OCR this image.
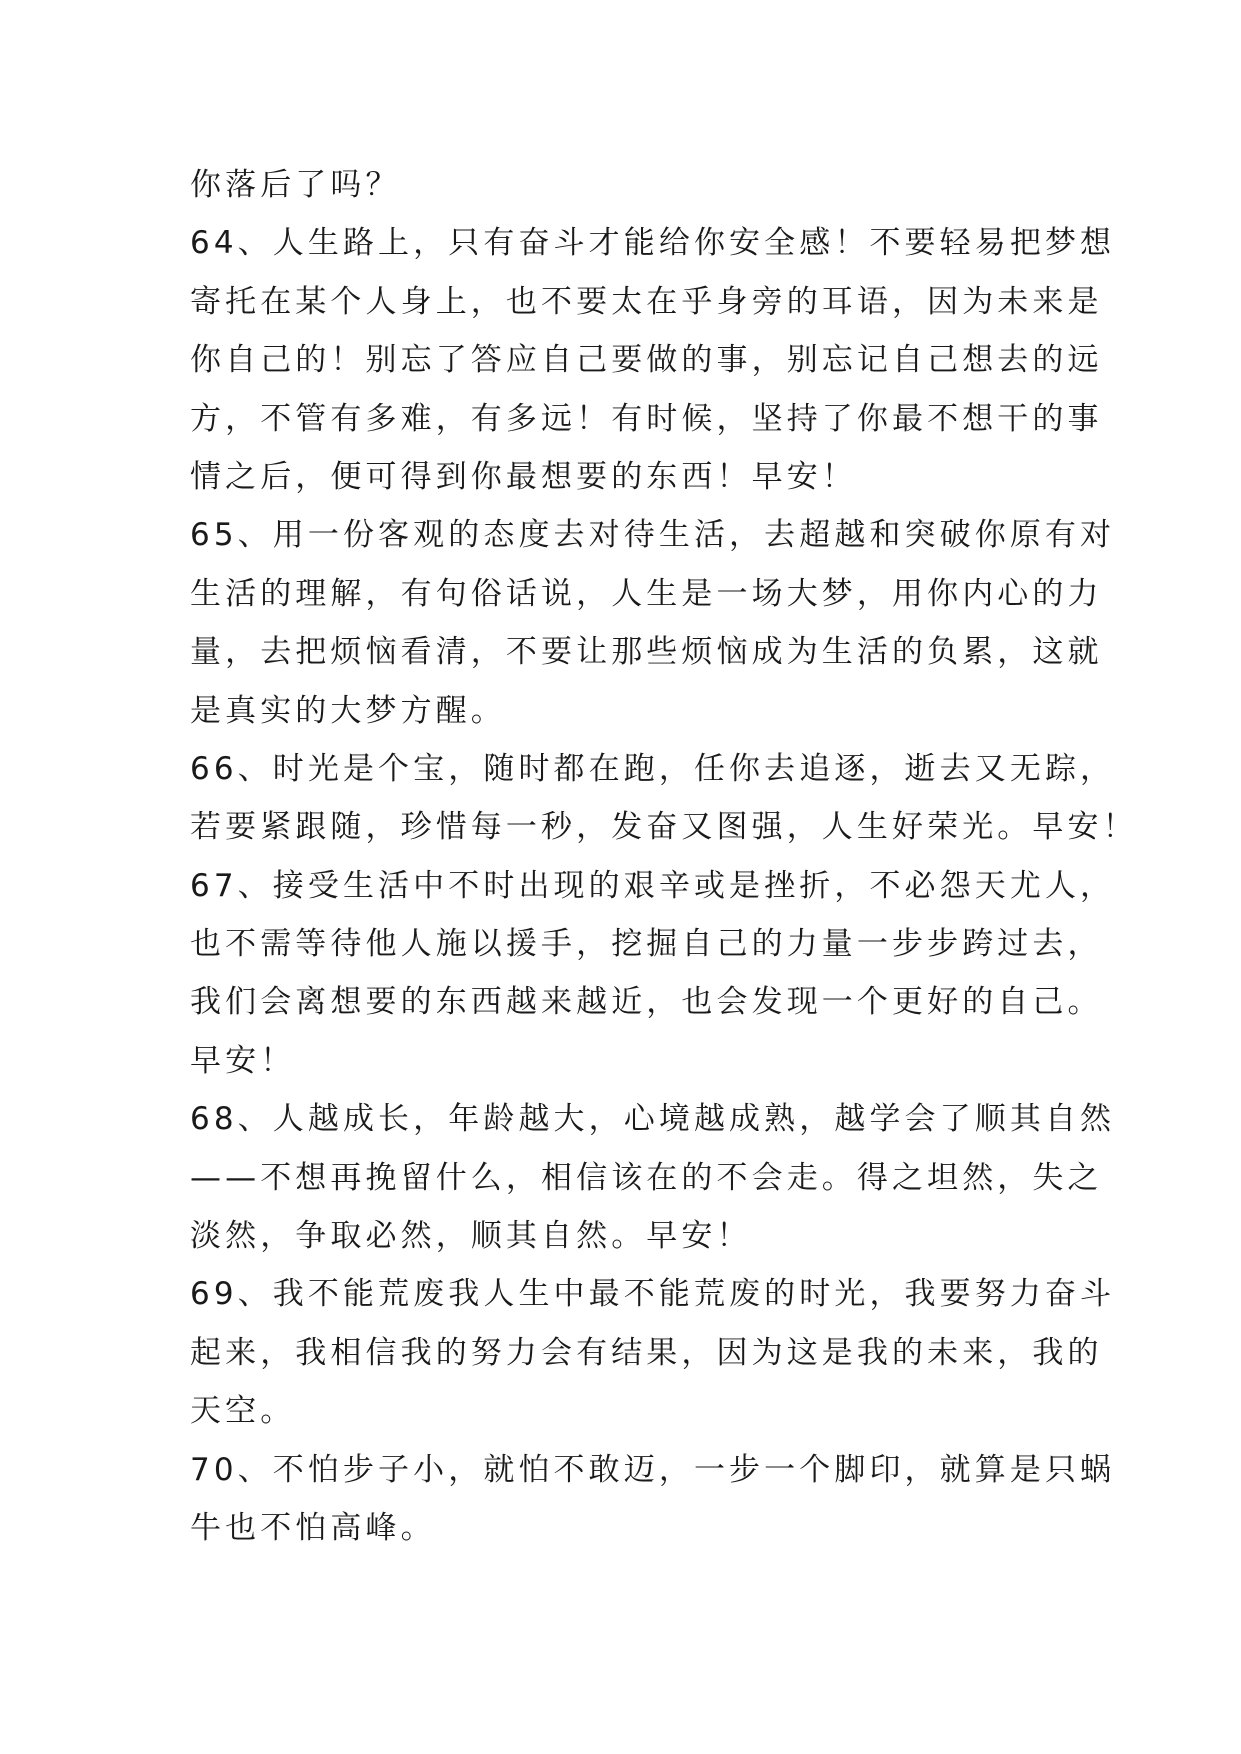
你落后了吗？
64、人生路上，只有奋斗才能给你安全感！不要轻易把梦想
寄托在某个人身上，也不要太在乎身旁的耳语，因为未来是
你自己的！别忘了答应自己要做的事，别忘记自己想去的远
方，不管有多难，有多远！有时候，坚持了你最不想干的事
情之后，便可得到你最想要的东西！早安！
65、用一份客观的态度去对待生活，去超越和突破你原有对
生活的理解，有句俗话说，人生是一场大梦，用你内心的力
量，去把烦恼看清，不要让那些烦恼成为生活的负累，这就
是真实的大梦方醒。
66、时光是个宝，随时都在跑，任你去追逐，逝去又无踪，
若要紧跟随，珍惜每一秒，发奋又图强，人生好荣光。早安！
67、接受生活中不时出现的艰辛或是挫折，不必怨天尤人，
也不需等待他人施以援手，挖掘自己的力量一步步跨过去，
我们会离想要的东西越来越近，也会发现一个更好的自己。
早安！
68、人越成长，年龄越大，心境越成熟，越学会了顺其自然
——不想再挽留什么，相信该在的不会走。得之坦然，失之
淡然，争取必然，顺其自然。早安！
69、我不能荒废我人生中最不能荒废的时光，我要努力奋斗
起来，我相信我的努力会有结果，因为这是我的未来，我的
天空。
70、不怕步子小，就怕不敢迈，一步一个脚印，就算是只蜗
牛也不怕高峰。
